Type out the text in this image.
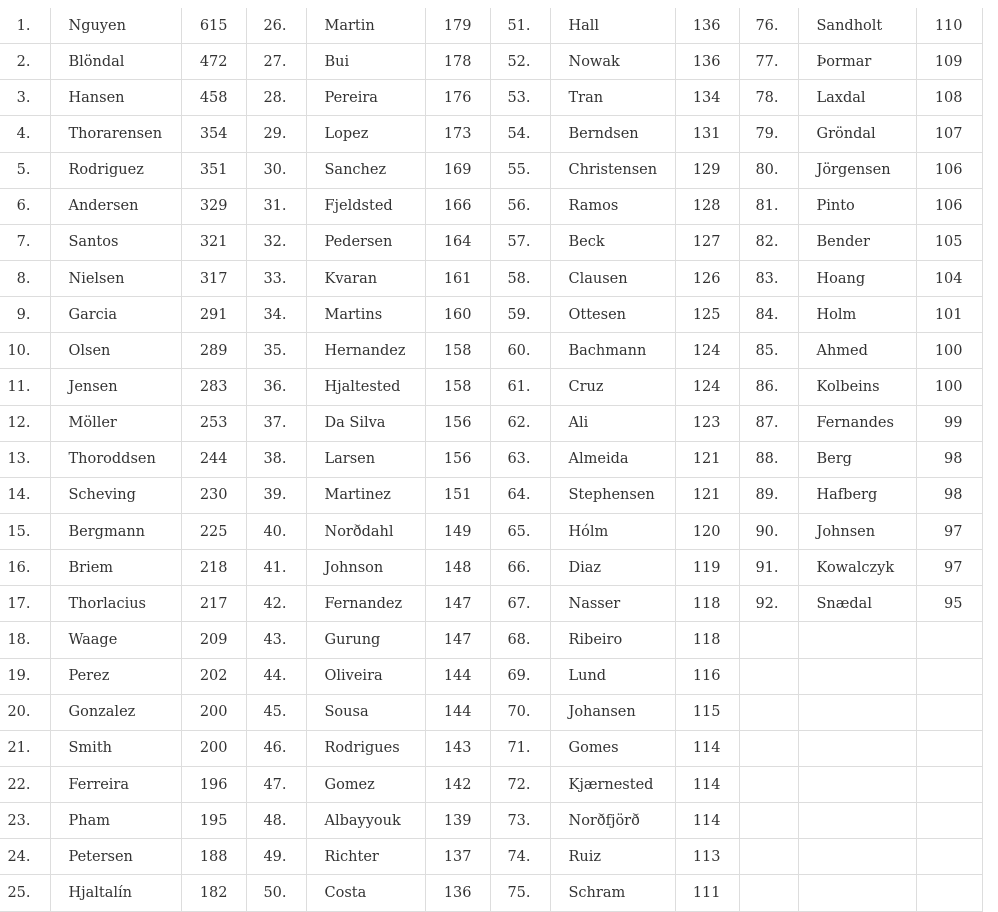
1.	Nguyen	615	26.	Martin	179	51.	Hall	136	76.	Sandholt	110
2.	Blöndal	472	27.	Bui	178	52.	Nowak	136	77.	Þormar	109
3.	Hansen	458	28.	Pereira	176	53.	Tran	134	78.	Laxdal	108
4.	Thorarensen	354	29.	Lopez	173	54.	Berndsen	131	79.	Gröndal	107
5.	Rodriguez	351	30.	Sanchez	169	55.	Christensen	129	80.	Jörgensen	106
6.	Andersen	329	31.	Fjeldsted	166	56.	Ramos	128	81.	Pinto	106
7.	Santos	321	32.	Pedersen	164	57.	Beck	127	82.	Bender	105
8.	Nielsen	317	33.	Kvaran	161	58.	Clausen	126	83.	Hoang	104
9.	Garcia	291	34.	Martins	160	59.	Ottesen	125	84.	Holm	101
10.	Olsen	289	35.	Hernandez	158	60.	Bachmann	124	85.	Ahmed	100
11.	Jensen	283	36.	Hjaltested	158	61.	Cruz	124	86.	Kolbeins	100
12.	Möller	253	37.	Da Silva	156	62.	Ali	123	87.	Fernandes	99
13.	Thoroddsen	244	38.	Larsen	156	63.	Almeida	121	88.	Berg	98
14.	Scheving	230	39.	Martinez	151	64.	Stephensen	121	89.	Hafberg	98
15.	Bergmann	225	40.	Norðdahl	149	65.	Hólm	120	90.	Johnsen	97
16.	Briem	218	41.	Johnson	148	66.	Diaz	119	91.	Kowalczyk	97
17.	Thorlacius	217	42.	Fernandez	147	67.	Nasser	118	92.	Snædal	95
18.	Waage	209	43.	Gurung	147	68.	Ribeiro	118			
19.	Perez	202	44.	Oliveira	144	69.	Lund	116			
20.	Gonzalez	200	45.	Sousa	144	70.	Johansen	115			
21.	Smith	200	46.	Rodrigues	143	71.	Gomes	114			
22.	Ferreira	196	47.	Gomez	142	72.	Kjærnested	114			
23.	Pham	195	48.	Albayyouk	139	73.	Norðfjörð	114			
24.	Petersen	188	49.	Richter	137	74.	Ruiz	113			
25.	Hjaltalín	182	50.	Costa	136	75.	Schram	111			
